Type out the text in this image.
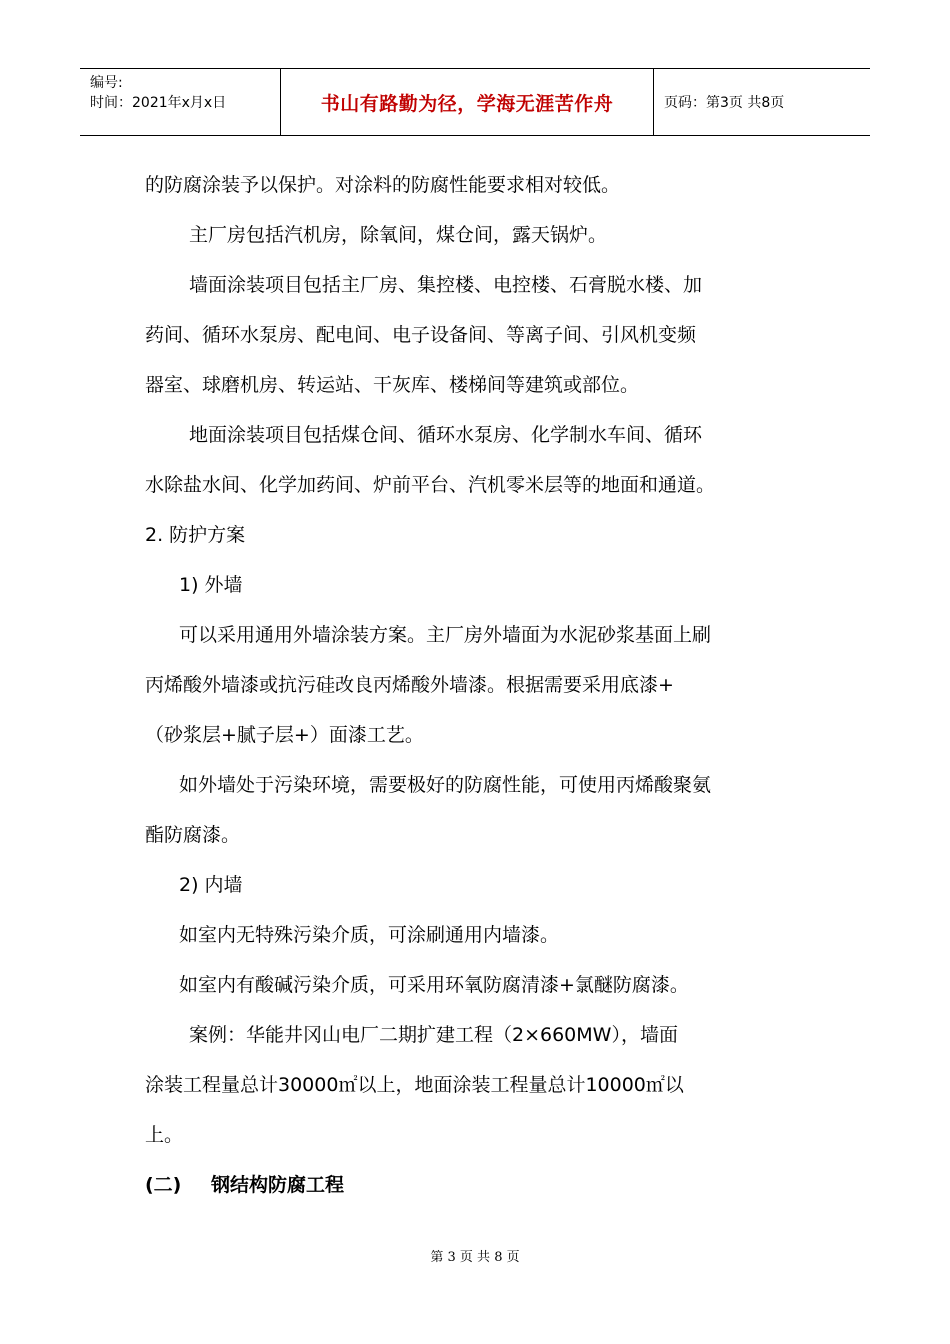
编号:
时间：2021年x月x日	书山有路勤为径，学海无涯苦作舟	页码：第3页 共8页
的防腐涂装予以保护。对涂料的防腐性能要求相对较低。
主厂房包括汽机房，除氧间，煤仓间，露天锅炉。
墙面涂装项目包括主厂房、集控楼、电控楼、石膏脱水楼、加
药间、循环水泵房、配电间、电子设备间、等离子间、引风机变频
器室、球磨机房、转运站、干灰库、楼梯间等建筑或部位。
地面涂装项目包括煤仓间、循环水泵房、化学制水车间、循环
水除盐水间、化学加药间、炉前平台、汽机零米层等的地面和通道。
2. 防护方案
1) 外墙
可以采用通用外墙涂装方案。主厂房外墙面为水泥砂浆基面上刷
丙烯酸外墙漆或抗污硅改良丙烯酸外墙漆。根据需要采用底漆+
（砂浆层+腻子层+）面漆工艺。
如外墙处于污染环境，需要极好的防腐性能，可使用丙烯酸聚氨
酯防腐漆。
2) 内墙
如室内无特殊污染介质，可涂刷通用内墙漆。
如室内有酸碱污染介质，可采用环氧防腐清漆+氯醚防腐漆。
案例：华能井冈山电厂二期扩建工程（2×660MW），墙面
涂装工程量总计30000㎡以上，地面涂装工程量总计10000㎡以
上。
(二) 钢结构防腐工程
第 3 页 共 8 页
